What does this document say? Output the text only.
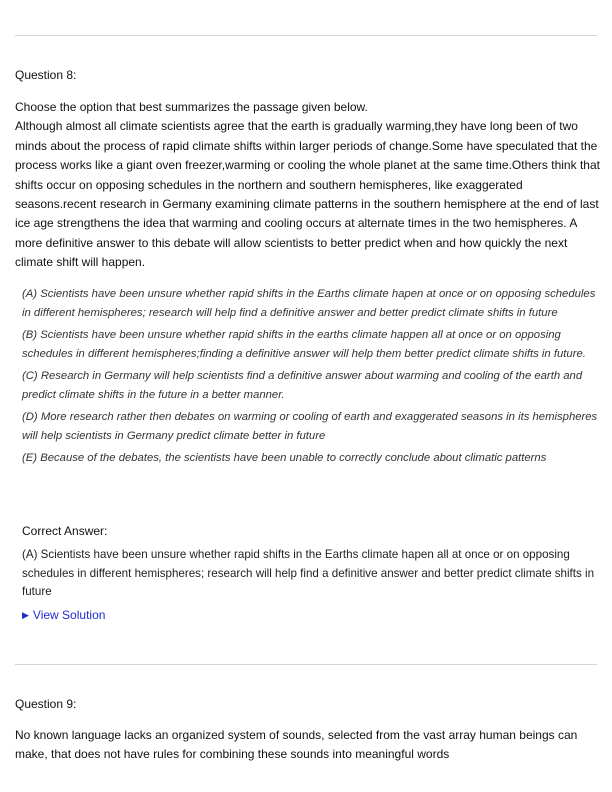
Question 8:

Choose the option that best summarizes the passage given below.

Although almost all climate scientists agree that the earth is gradually warming,they have long been of two minds about the process of rapid climate shifts within larger periods of change.Some have speculated that the process works like a giant oven freezer,warming or cooling the whole planet at the same time.Others think that shifts occur on opposing schedules in the northern and southern hemispheres, like exaggerated seasons.recent research in Germany examining climate patterns in the southern hemisphere at the end of last ice age strengthens the idea that warming and cooling occurs at alternate times in the two hemispheres. A more definitive answer to this debate will allow scientists to better predict when and how quickly the next climate shift will happen.

(A) Scientists have been unsure whether rapid shifts in the Earths climate hapen at once or on opposing schedules in different hemispheres; research will help find a definitive answer and better predict climate shifts in future
(B) Scientists have been unsure whether rapid shifts in the earths climate happen all at once or on opposing schedules in different hemispheres;finding a definitive answer will help them better predict climate shifts in future.
(C) Research in Germany will help scientists find a definitive answer about warming and cooling of the earth and predict climate shifts in the future in a better manner.
(D) More research rather then debates on warming or cooling of earth and exaggerated seasons in its hemispheres will help scientists in Germany predict climate better in future
(E) Because of the debates, the scientists have been unable to correctly conclude about climatic patterns
Correct Answer:
(A) Scientists have been unsure whether rapid shifts in the Earths climate hapen all at once or on opposing schedules in different hemispheres; research will help find a definitive answer and better predict climate shifts in future
▶ View Solution
Question 9:
No known language lacks an organized system of sounds, selected from the vast array human beings can make, that does not have rules for combining these sounds into meaningful words
